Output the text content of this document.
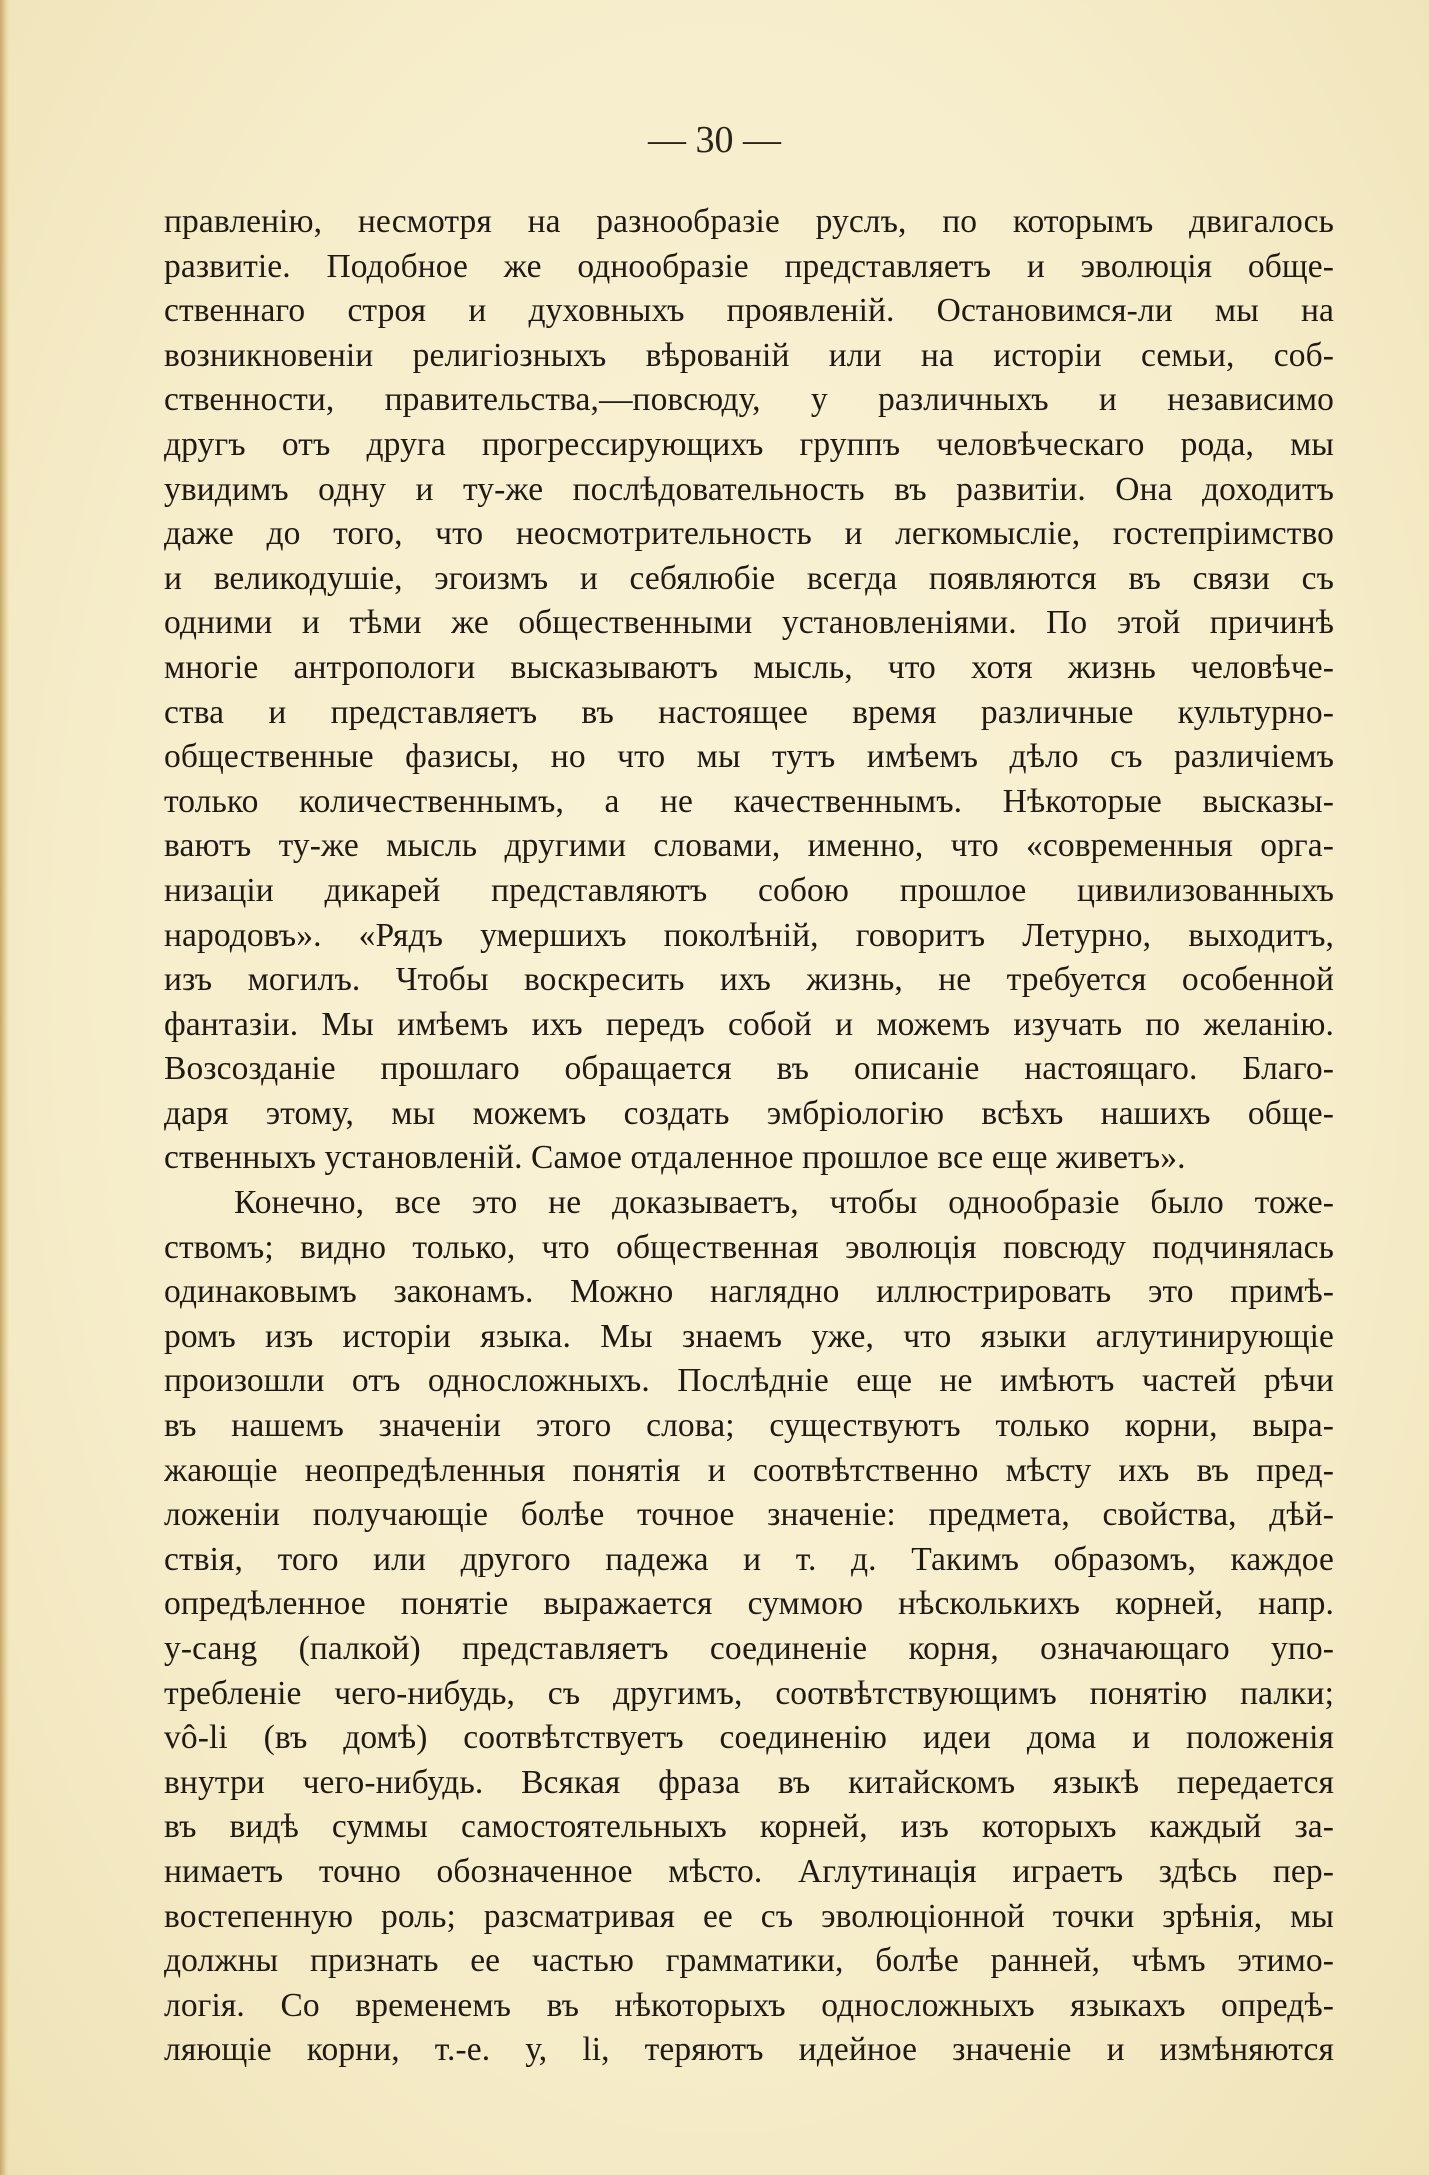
— 30 —
правленію, несмотря на разнообразіе руслъ, по которымъ двигалось
развитіе. Подобное же однообразіе представляетъ и эволюція обще-
ственнаго строя и духовныхъ проявленій. Остановимся-ли мы на
возникновеніи религіозныхъ вѣрованій или на исторіи семьи, соб-
ственности, правительства,—повсюду, у различныхъ и независимо
другъ отъ друга прогрессирующихъ группъ человѣческаго рода, мы
увидимъ одну и ту-же послѣдовательность въ развитіи. Она доходитъ
даже до того, что неосмотрительность и легкомысліе, гостепріимство
и великодушіе, эгоизмъ и себялюбіе всегда появляются въ связи съ
одними и тѣми же общественными установленіями. По этой причинѣ
многіе антропологи высказываютъ мысль, что хотя жизнь человѣче-
ства и представляетъ въ настоящее время различные культурно-
общественные фазисы, но что мы тутъ имѣемъ дѣло съ различіемъ
только количественнымъ, а не качественнымъ. Нѣкоторые высказы-
ваютъ ту-же мысль другими словами, именно, что «современныя орга-
низаціи дикарей представляютъ собою прошлое цивилизованныхъ
народовъ». «Рядъ умершихъ поколѣній, говоритъ Летурно, выходитъ,
изъ могилъ. Чтобы воскресить ихъ жизнь, не требуется особенной
фантазіи. Мы имѣемъ ихъ передъ собой и можемъ изучать по желанію.
Возсозданіе прошлаго обращается въ описаніе настоящаго. Благо-
даря этому, мы можемъ создать эмбріологію всѣхъ нашихъ обще-
ственныхъ установленій. Самое отдаленное прошлое все еще живетъ».
Конечно, все это не доказываетъ, чтобы однообразіе было тоже-
ствомъ; видно только, что общественная эволюція повсюду подчинялась
одинаковымъ законамъ. Можно наглядно иллюстрировать это примѣ-
ромъ изъ исторіи языка. Мы знаемъ уже, что языки аглутинирующіе
произошли отъ односложныхъ. Послѣдніе еще не имѣютъ частей рѣчи
въ нашемъ значеніи этого слова; существуютъ только корни, выра-
жающіе неопредѣленныя понятія и соотвѣтственно мѣсту ихъ въ пред-
ложеніи получающіе болѣе точное значеніе: предмета, свойства, дѣй-
ствія, того или другого падежа и т. д. Такимъ образомъ, каждое
опредѣленное понятіе выражается суммою нѣсколькихъ корней, напр.
у-санg (палкой) представляетъ соединеніе корня, означающаго упо-
требленіе чего-нибудь, съ другимъ, соотвѣтствующимъ понятію палки;
vô-li (въ домѣ) соотвѣтствуетъ соединенію идеи дома и положенія
внутри чего-нибудь. Всякая фраза въ китайскомъ языкѣ передается
въ видѣ суммы самостоятельныхъ корней, изъ которыхъ каждый за-
нимаетъ точно обозначенное мѣсто. Аглутинація играетъ здѣсь пер-
востепенную роль; разсматривая ее съ эволюціонной точки зрѣнія, мы
должны признать ее частью грамматики, болѣе ранней, чѣмъ этимо-
логія. Со временемъ въ нѣкоторыхъ односложныхъ языкахъ опредѣ-
ляющіе корни, т.-е. у, li, теряютъ идейное значеніе и измѣняются
